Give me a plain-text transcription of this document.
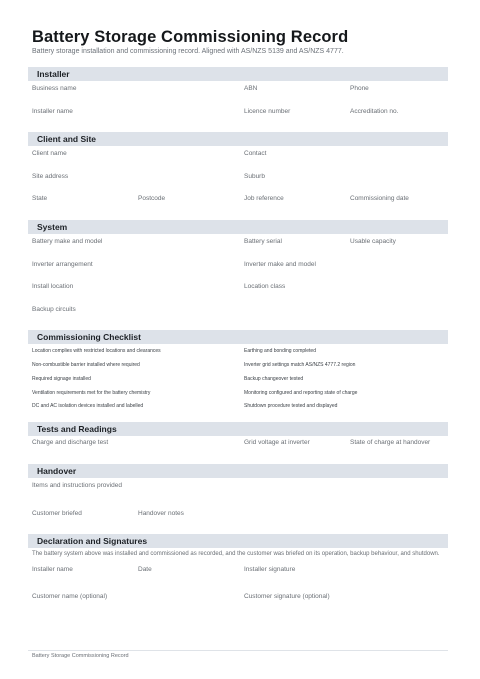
Battery Storage Commissioning Record
Battery storage installation and commissioning record. Aligned with AS/NZS 5139 and AS/NZS 4777.
Installer
Business name	ABN	Phone
Installer name	Licence number	Accreditation no.
Client and Site
Client name	Contact
Site address	Suburb
State	Postcode	Job reference	Commissioning date
System
Battery make and model	Battery serial	Usable capacity
Inverter arrangement	Inverter make and model
Install location	Location class
Backup circuits
Commissioning Checklist
Location complies with restricted locations and clearances	Earthing and bonding completed
Non-combustible barrier installed where required	Inverter grid settings match AS/NZS 4777.2 region
Required signage installed	Backup changeover tested
Ventilation requirements met for the battery chemistry	Monitoring configured and reporting state of charge
DC and AC isolation devices installed and labelled	Shutdown procedure tested and displayed
Tests and Readings
Charge and discharge test	Grid voltage at inverter	State of charge at handover
Handover
Items and instructions provided
Customer briefed	Handover notes
Declaration and Signatures
The battery system above was installed and commissioned as recorded, and the customer was briefed on its operation, backup behaviour, and shutdown.
Installer name	Date	Installer signature
Customer name (optional)	Customer signature (optional)
Battery Storage Commissioning Record
